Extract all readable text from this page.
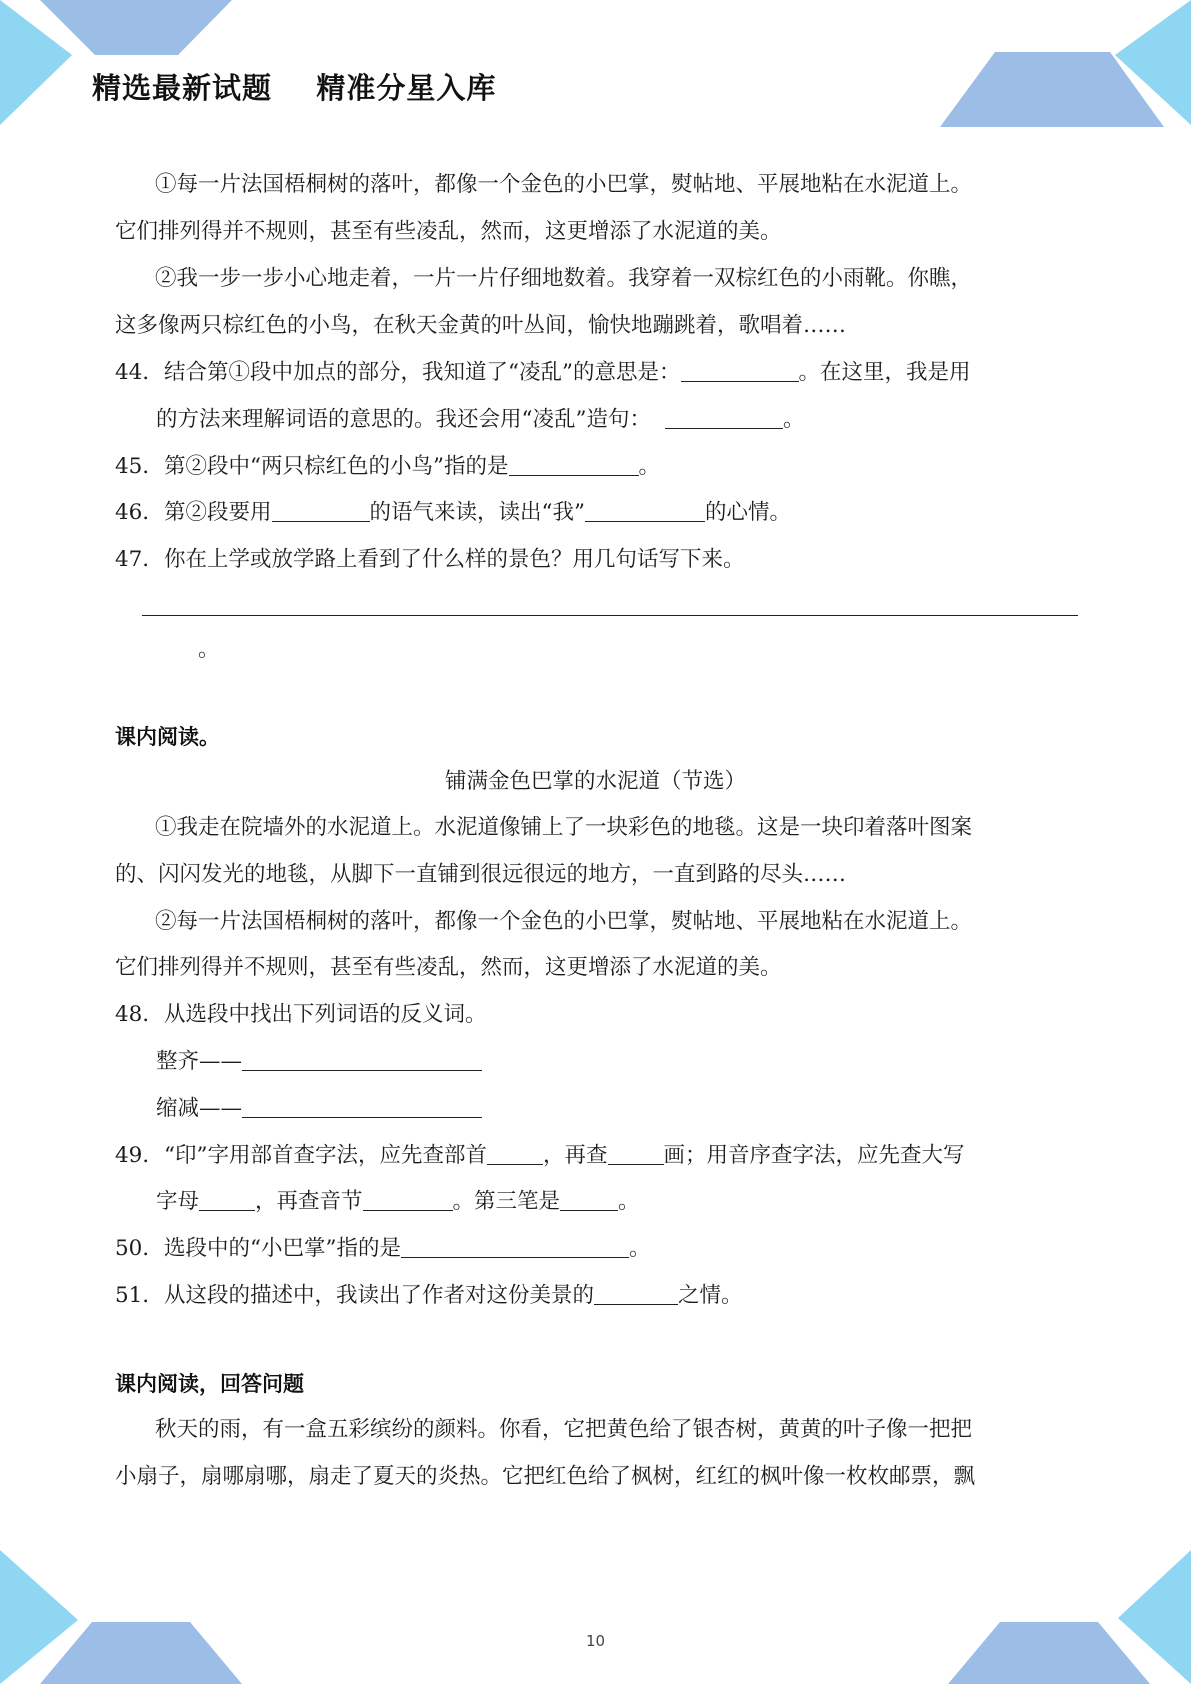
精选最新试题    精准分星入库
①每一片法国梧桐树的落叶，都像一个金色的小巴掌，熨帖地、平展地粘在水泥道上。
它们排列得并不规则，甚至有些凌乱，然而，这更增添了水泥道的美。
②我一步一步小心地走着，一片一片仔细地数着。我穿着一双棕红色的小雨靴。你瞧，
这多像两只棕红色的小鸟，在秋天金黄的叶丛间，愉快地蹦跳着，歌唱着……
44．结合第①段中加点的部分，我知道了“凌乱”的意思是：	。在这里，我是用
的方法来理解词语的意思的。我还会用“凌乱”造句：	。
45．第②段中“两只棕红色的小鸟”指的是	。
46．第②段要用	的语气来读，读出“我”	的心情。
47．你在上学或放学路上看到了什么样的景色？用几句话写下来。
。
课内阅读。
铺满金色巴掌的水泥道（节选）
①我走在院墙外的水泥道上。水泥道像铺上了一块彩色的地毯。这是一块印着落叶图案
的、闪闪发光的地毯，从脚下一直铺到很远很远的地方，一直到路的尽头……
②每一片法国梧桐树的落叶，都像一个金色的小巴掌，熨帖地、平展地粘在水泥道上。
它们排列得并不规则，甚至有些凌乱，然而，这更增添了水泥道的美。
48．从选段中找出下列词语的反义词。
整齐——
缩减——
49．“印”字用部首查字法，应先查部首	，再查	画；用音序查字法，应先查大写
字母	，再查音节	。第三笔是	。
50．选段中的“小巴掌”指的是	。
51．从这段的描述中，我读出了作者对这份美景的	之情。
课内阅读，回答问题
秋天的雨，有一盒五彩缤纷的颜料。你看，它把黄色给了银杏树，黄黄的叶子像一把把
小扇子，扇哪扇哪，扇走了夏天的炎热。它把红色给了枫树，红红的枫叶像一枚枚邮票，飘
10
